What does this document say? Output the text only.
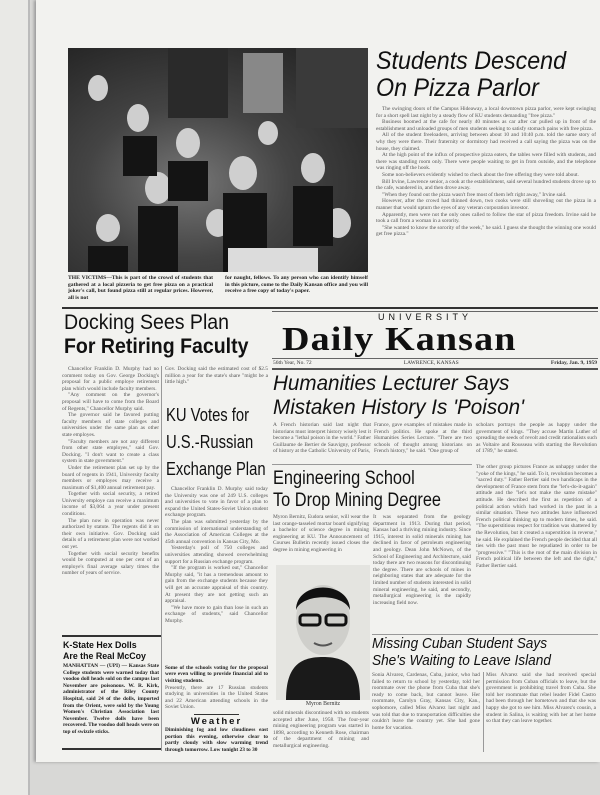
THE VICTIMS—This is part of the crowd of students that gathered at a local pizzeria to get free pizza on a practical joker's call, but found pizza still at regular prices. However, all is not
for naught, fellows. To any person who can identify himself in this picture, come to the Daily Kansan office and you will receive a free copy of today's paper.
Students Descend
On Pizza Parlor

The swinging doors of the Campus Hideaway, a local downtown pizza parlor, were kept swinging for a short spell last night by a steady flow of KU students demanding "free pizza."

Business boomed at the cafe for nearly 40 minutes as car after car pulled up in front of the establishment and unloaded groups of men students seeking to satisfy stomach pains with free pizza.

All of the student freeloaders, arriving between about 10 and 10:40 p.m. told the same story of why they were there. Their fraternity or dormitory had received a call saying the pizza was on the house, they claimed.

At the high point of the influx of prospective pizza eaters, the tables were filled with students, and there was standing room only. There were people waiting to get in from outside, and the telephone was ringing off the hook.

Some non-believers evidently wished to check about the free offering they were told about.

Bill Irvine, Lawrence senior, a cook at the establishment, said several hundred students drove up to the cafe, wandered in, and then drove away.

"When they found out the pizza wasn't free most of them left right away," Irvine said.

However, after the crowd had thinned down, two cooks were still shoveling out the pizza in a manner that would upturn the eyes of any veteran corporation investor.

Apparently, men were not the only ones called to follow the star of pizza freedom. Irvine said he took a call from a woman in a sorority.

"She wanted to know the sorority of the week," he said. I guess she thought the winning one would get free pizza."

Docking Sees Plan
For Retiring Faculty

Chancellor Franklin D. Murphy had no comment today on Gov. George Docking's proposal for a public employe retirement plan which would include faculty members.

"Any comment on the governor's proposal will have to come from the Board of Regents," Chancellor Murphy said.

The governor said he favored putting faculty members of state colleges and universities under the same plan as other state employes.

"Faculty members are not any different from other state employes," said Gov. Docking. "I don't want to create a class system in state government."

Under the retirement plan set up by the board of regents in 1941, University faculty members or employes may receive a maximum of $1,400 annual retirement pay.

Together with social security, a retired University employe can receive a maximum income of $3,064 a year under present conditions.

The plan now in operation was never authorized by statute. The regents did it on their own initiative. Gov. Docking said details of a retirement plan were not worked out yet.

Together with social security benefits would be computed at one per cent of an employe's final average salary times the number of years of service.

Gov. Docking said the estimated cost of $2.5 million a year for the state's share "might be a little high."
KU Votes for
U.S.-Russian
Exchange Plan

Chancellor Franklin D. Murphy said today the University was one of 249 U.S. colleges and universities to vote in favor of a plan to expand the United States-Soviet Union student exchange program.

The plan was submitted yesterday by the commission of international understanding of the Association of American Colleges at the 45th annual convention in Kansas City, Mo.

Yesterday's poll of 750 colleges and universities attending showed overwhelming support for a Russian exchange program.

"If the program is worked out," Chancellor Murphy said, "it has a tremendous amount to gain from the exchange students because they will get an accurate appraisal of this country. At present they are not getting such an appraisal.

"We have more to gain than lose in such an exchange of students," said Chancellor Murphy.

Some of the schools voting for the proposal were even willing to provide financial aid to visiting students.
Presently, there are 17 Russian students studying in universities in the United States and 22 American attending schools in the Soviet Union.
Weather
Diminishing fog and low cloudiness east portion this evening, otherwise clear to partly cloudy with slow warming trend through tomorrow. Low tonight 23 to 30
K-State Hex Dolls
Are the Real McCoy
MANHATTAN — (UPI) — Kansas State College students were warned today that voodoo doll heads sold on the campus last November are poisonous. W. R. Kirk, administrator of the Riley County Hospital, said 24 of the dolls, imported from the Orient, were sold by the Young Women's Christian Association last November. Twelve dolls have been recovered. The voodoo doll heads were on top of swizzle sticks.
UNIVERSITY
Daily Kansan
56th Year, No. 72	LAWRENCE, KANSAS	Friday, Jan. 9, 1959
Humanities Lecturer Says
Mistaken History Is 'Poison'
A French historian said last night that historians must interpret history wisely lest it become a "lethal poison in the world." Father Guillaume de Bertier de Sauvigny, professor of history at the Catholic University of Paris,
France, gave examples of mistakes made in French politics. He spoke at the third Humanities Series Lecture. "There are two schools of thought among historians on French history," he said. "One group of
scholars portrays the people as happy under the government of kings. "They accuse Martin Luther of spreading the seeds of revolt and credit rationalists such as Voltaire and Rousseau with starting the Revolution of 1789," he stated.
The other group pictures France as unhappy under the "yoke of the kings," he said. To it, revolution becomes a "sacred duty." Father Bertier said two handicaps in the development of France stem from the "let's-do-it-again" attitude and the "let's not make the same mistake" attitude. He described the first as repetition of a political action which had worked in the past in a similar situation. These two attitudes have influenced French political thinking up to modern times, he said. "The superstitious respect for tradition was shattered by the Revolution, but it created a superstition in reverse," he said. He explained the French people decided that all ties with the past must be repudiated in order to be "progressive." "This is the root of the main division in French political life between the left and the right," Father Bertier said.
Engineering School
To Drop Mining Degree
Myron Bernitz, Eudora senior, will wear the last orange-tasseled mortar board signifying a bachelor of science degree in mining engineering at KU. The Announcement of Courses Bulletin recently issued closes the degree in mining engineering in
It was separated from the geology department in 1913. During that period, Kansas had a thriving mining industry. Since 1915, interest in solid minerals mining has declined in favor of petroleum engineering and geology. Dean John McNown, of the School of Engineering and Architecture, said today there are two reasons for discontinuing the degree. There are schools of mines in neighboring states that are adequate for the limited number of students interested in solid mineral engineering, he said, and secondly, metallurgical engineering is the rapidly increasing field now.
Myron Bernitz
solid minerals discontinued with no students accepted after June, 1958. The four-year mining engineering program was started in 1898, according to Kenneth Rose, chairman of the department of mining and metallurgical engineering.
Missing Cuban Student Says
She's Waiting to Leave Island
Sonia Alvarez, Cardenas, Cuba, junior, who had failed to return to school by yesterday, told her roommate over the phone from Cuba that she's ready to come back, but cannot leave. Her roommate, Carolyn Gray, Kansas City, Kan., sophomore, called Miss Alvarez last night and was told that due to transportation difficulties she couldn't leave the country yet. She had gone home for vacation.
Miss Alvarez said she had received special permission from Cuban officials to leave, but the government is prohibiting travel from Cuba. She told her roommate that rebel leader Fidel Castro had been through her hometown and that she was happy she got to see him. Miss Alvarez's cousin, a student in Salina, is waiting with her at her home so that they can leave together.
